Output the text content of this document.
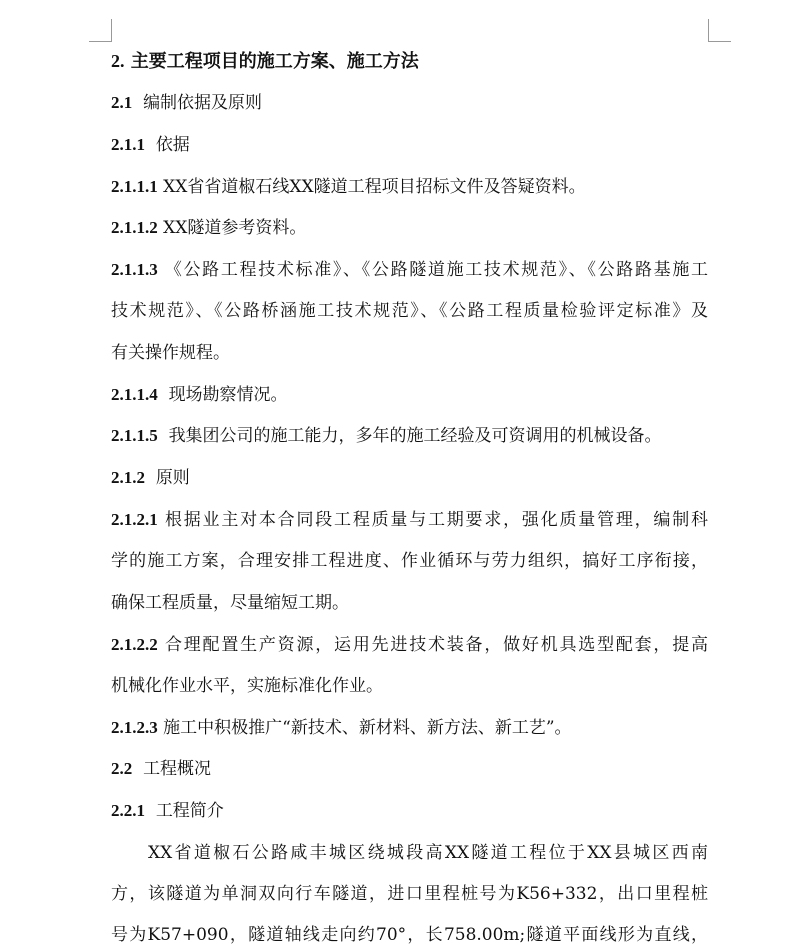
2. 主要工程项目的施工方案、施工方法
2.1 编制依据及原则
2.1.1 依据
2.1.1.1 XX省省道椒石线XX隧道工程项目招标文件及答疑资料。
2.1.1.2 XX隧道参考资料。
2.1.1.3 《公路工程技术标准》、《公路隧道施工技术规范》、《公路路基施工
技术规范》、《公路桥涵施工技术规范》、《公路工程质量检验评定标准》及
有关操作规程。
2.1.1.4 现场勘察情况。
2.1.1.5 我集团公司的施工能力，多年的施工经验及可资调用的机械设备。
2.1.2 原则
2.1.2.1 根据业主对本合同段工程质量与工期要求，强化质量管理，编制科
学的施工方案，合理安排工程进度、作业循环与劳力组织，搞好工序衔接，
确保工程质量，尽量缩短工期。
2.1.2.2 合理配置生产资源，运用先进技术装备，做好机具选型配套，提高
机械化作业水平，实施标准化作业。
2.1.2.3 施工中积极推广“新技术、新材料、新方法、新工艺”。
2.2 工程概况
2.2.1 工程简介
XX省道椒石公路咸丰城区绕城段高XX隧道工程位于XX县城区西南
方，该隧道为单洞双向行车隧道，进口里程桩号为K56+332，出口里程桩
号为K57+090，隧道轴线走向约70°，长758.00m;隧道平面线形为直线，
